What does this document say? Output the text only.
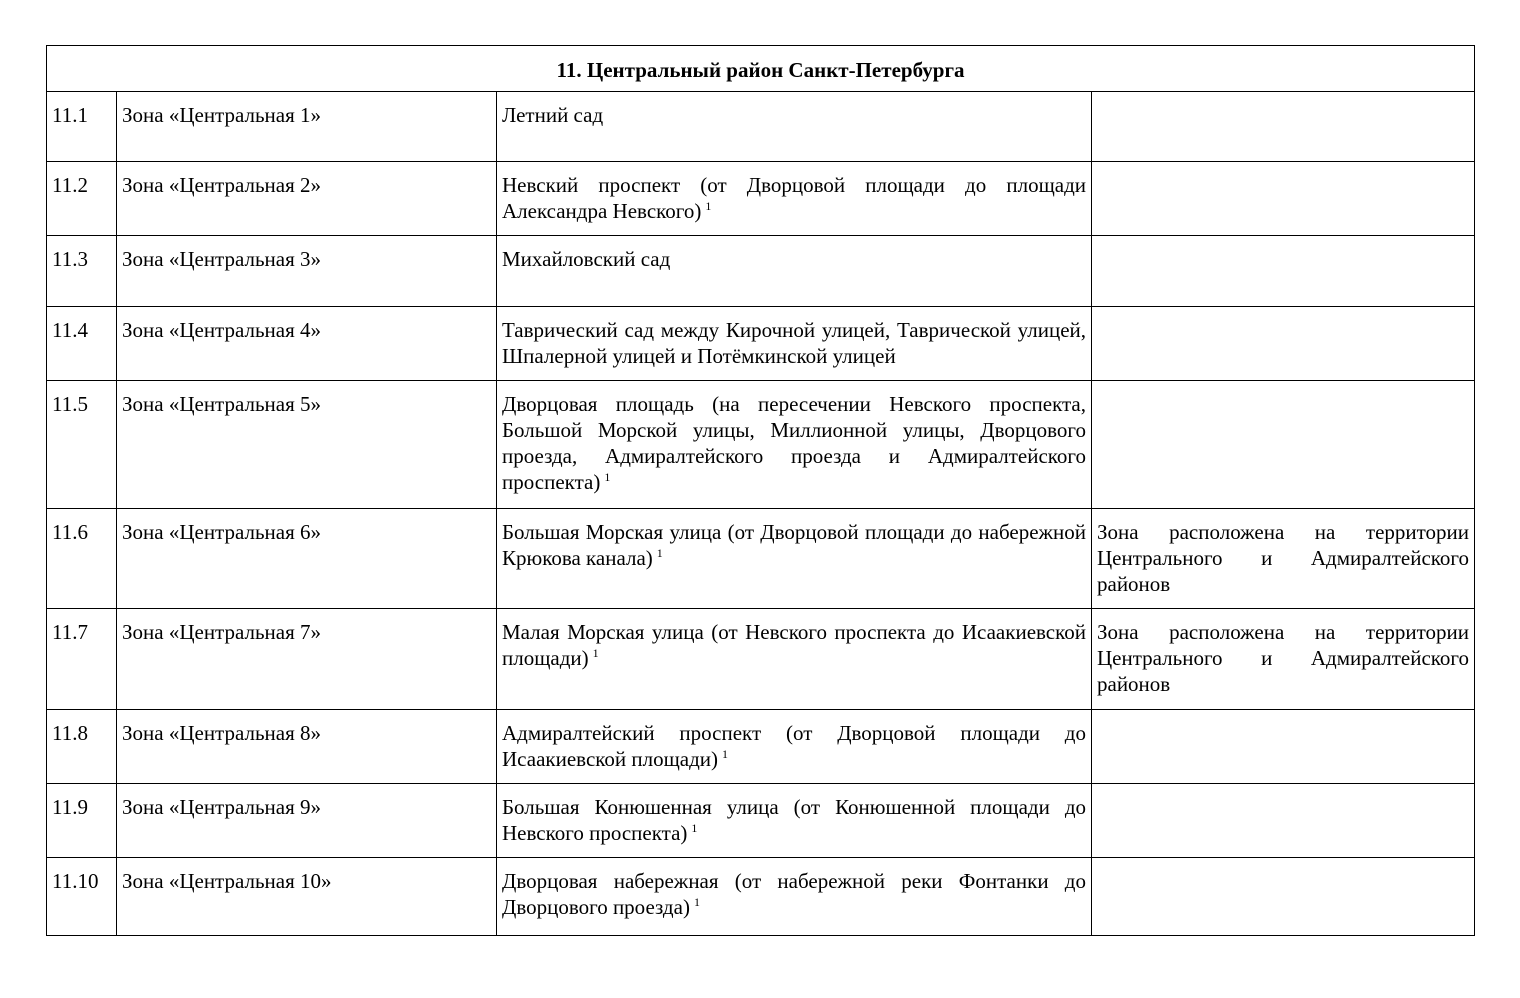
11. Центральный район Санкт-Петербурга			
11.1	Зона «Центральная 1»	Летний сад	
11.2	Зона «Центральная 2»	Невский проспект (от Дворцовой площади до площади Александра Невского) $^1$	
11.3	Зона «Центральная 3»	Михайловский сад	
11.4	Зона «Центральная 4»	Таврический сад между Кирочной улицей, Таврической улицей, Шпалерной улицей и Потёмкинской улицей	
11.5	Зона «Центральная 5»	Дворцовая площадь (на пересечении Невского проспекта, Большой Морской улицы, Миллионной улицы, Дворцового проезда, Адмиралтейского проезда и Адмиралтейского проспекта) $^1$	
11.6	Зона «Центральная 6»	Большая Морская улица (от Дворцовой площади до набережной Крюкова канала) $^1$	Зона расположена на территории Центрального и Адмиралтейского районов
11.7	Зона «Центральная 7»	Малая Морская улица (от Невского проспекта до Исаакиевской площади) $^1$	Зона расположена на территории Центрального и Адмиралтейского районов
11.8	Зона «Центральная 8»	Адмиралтейский проспект (от Дворцовой площади до Исаакиевской площади) $^1$	
11.9	Зона «Центральная 9»	Большая Конюшенная улица (от Конюшенной площади до Невского проспекта) $^1$	
11.10	Зона «Центральная 10»	Дворцовая набережная (от набережной реки Фонтанки до Дворцового проезда) $^1$	
